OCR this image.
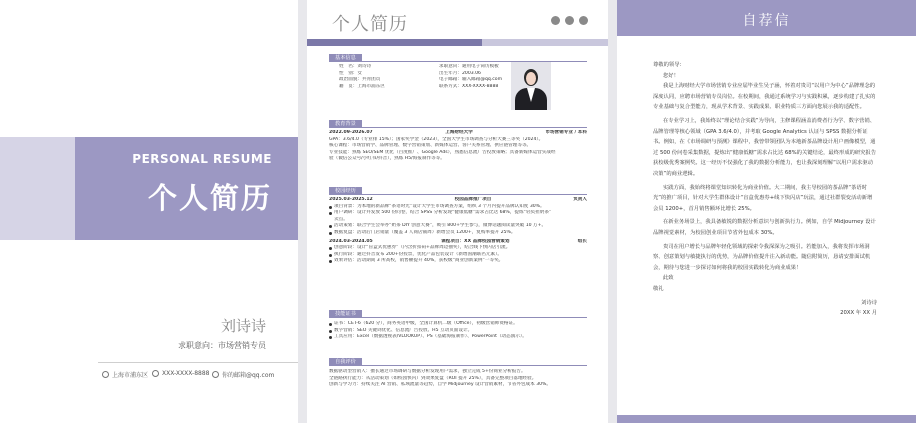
PERSONAL RESUME
个人简历
刘诗诗
求职意向：市场营销专员
上海市浦东区 XXX-XXXX-8888 你的邮箱@qq.com
个人简历
基本信息
姓　名：刘诗诗
性　别：女
政治面貌：共青团员
籍　贯：上海市浦东区
求职意向：通用电子简历模板
出生年月：2003.06
电子邮箱：输入邮箱@qq.com
联系方式：XXX-XXXX-8888
教育背景
2022.09-2026.07	上海财经大学	市场营销专业 / 本科
GPA：3.6/4.0（专业排 15%）；国家奖学金（2023），全国大学生市场调查与分析大赛三等奖（2024）。
核心课程：市场营销学、品牌管理、数字营销策划、新媒体运营、客户关系管理、供应链管理等等。
专业技能：熟练 SEO/SEM 优化（百度推广、Google Ads），熟悉信息流广告投放策略；具备新媒体运营实战经
验（微信公众号/小红书/抖音），熟练 H5/海报制作等等。
校园经历
2025.03-2025.12	校园品牌推广项目	负责人
项目背景：为本地的新品牌“茶语时光”设计大学生市场调查方案，组织 3 个月内提升品牌认知度 30%。
用户调研：设计并发放 500 份问卷，结合 SPSS 分析发现“健康低糖”需求占比达 68%，提炼“轻负担奶茶”
卖点。
活动策划：联合学生会举办“奶茶 DIY 创意大赛”，吸引 800+学生参与，微博话题阅读量突破 10 万+。
数据复盘：活动后门店销量（覆盖 3 人商店铺周）新增会员 1200+，复购率提升 25%。
2024.03-2024.05	课程项目：XX 品牌校园营销策划	组长
创意阶段：设计“盲盒式优惠券”（内含折扣码+品牌周边抽奖），结合线下快闪店引流。
执行阶段：通过抖音发布 200+份投票，优化产品包装设计（新增国潮联名元素）。
效果评估：活动期间 3 所高校，销售额提升 40%，获校级“商业创新案例”一等奖。
技能证书
证书：CET-6（620 分），商务英语中级，全国计算机二级（Office），初级营销师资格证。
数字营销：SEO 关键词优化、信息流广告投放、H5 互动页面设计。
工具应用：Excel（数据透视表/VLOOKUP）、PS（基础海报制作）、PowerPoint（动态演示）。
自我评价
数据驱动型营销人：擅长通过市场调研与数据分析发现用户需求，独立完成 5+份商业分析报告。
全链路执行能力：从活动策划（如校园快闪）到效果复盘（ROI 提升 25%），具备完整项目落地经验。
创新与学习力：持续关注 AI 营销、私域流量等趋势，自学 Midjourney 设计营销素材，节省外包成本 30%。
自荐信
尊敬的领导：
您好！
我是上海财经大学市场营销专业应届毕业生吴子涵，怀着对贵司“以用户为中心”品牌理念的深度认同，应聘市场营销专员岗位。在校期间，我通过系统学习与实践积累，逐步构建了扎实的专业基础与复合型能力，现从学术背景、实践成果、职业特质三方面向您展示我的适配性。
在专业学习上，我始终以“理论结合实践”为导向，主修课程涵盖消费者行为学、数字营销、品牌管理等核心领域（GPA 3.6/4.0），并考取 Google Analytics 认证与 SPSS 数据分析证书。例如，在《市场调研与预测》课程中，我曾带领团队为本地新茶品牌设计用户画像模型，通过 500 份问卷采集数据，提炼出“健康低糖”需求占比达 68%的关键结论，最终形成的研究报告获校级优秀案例奖。这一经历不仅强化了我的数据分析能力，也让我深刻理解“以用户需求驱动决策”的商业逻辑。
实践方面，我始终将课堂知识转化为商业价值。大二期间，我主导校园的茶品牌“茶语时光”的推广项目，针对大学生群体设计“盲盒优惠券+线下快闪店”玩法，通过社群裂变活动新增会员 1200+，首月销售额环比增长 25%。
在新业务场景上，我具备敏锐的数据分析意识与创新执行力。例如，自学 Midjourney 设计品牌视觉素材，为校园创业项目节省外包成本 30%。
贵司在用户增长与品牌年轻化领域的探索令我深深为之吸引。若能加入，我将发挥市场洞察、创意策划与敏捷执行的优势，为品牌价值提升注入新动能。随信附简历，恳请安排面试机会，期待与您进一步探讨如何将我的校园实践转化为商业成果！
此致
敬礼
刘诗诗
20XX 年 XX 月
